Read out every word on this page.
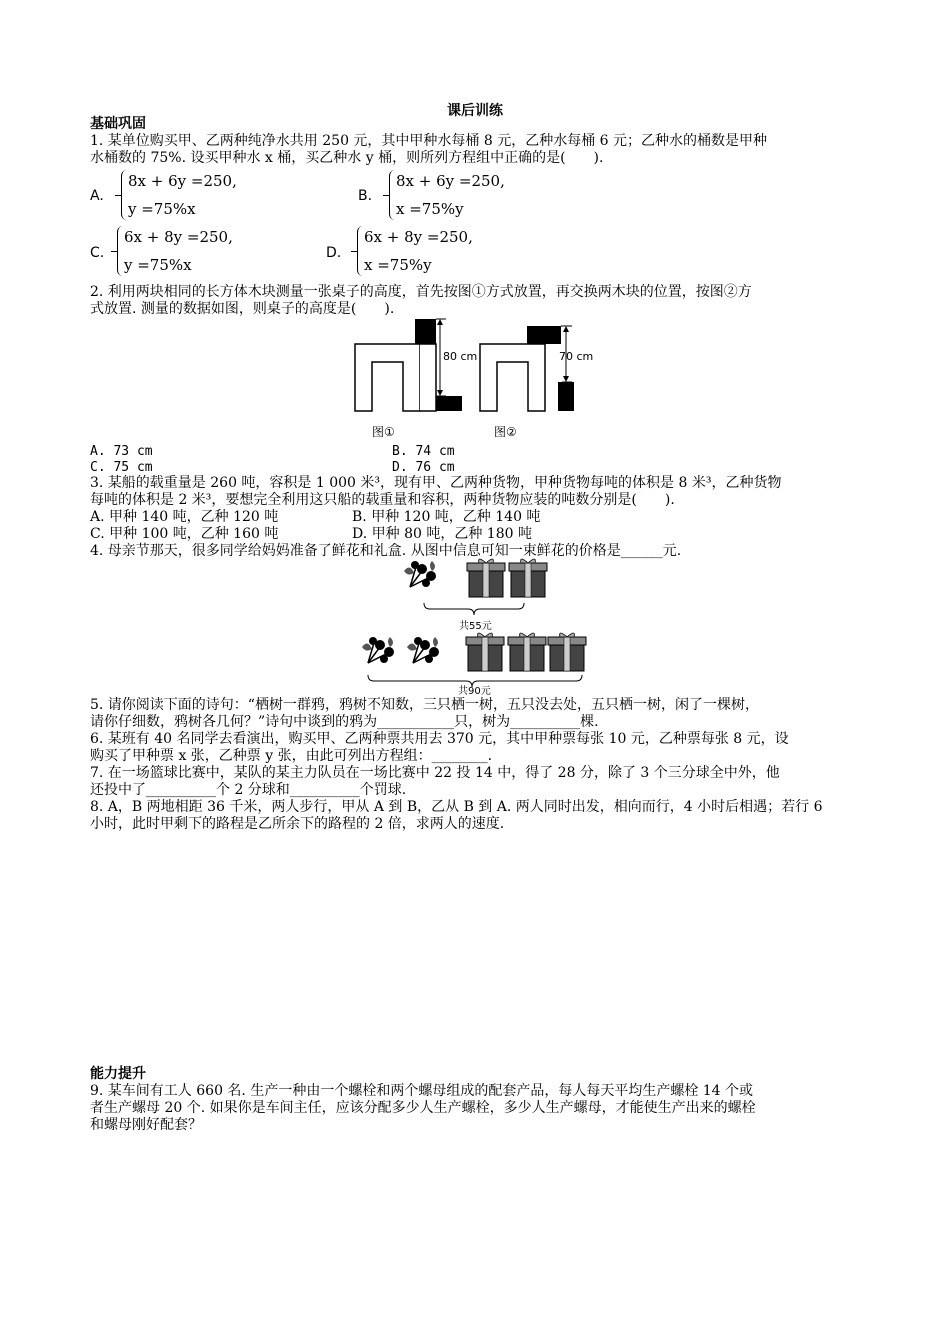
课后训练
基础巩固
1. 某单位购买甲、乙两种纯净水共用 250 元，其中甲种水每桶 8 元，乙种水每桶 6 元；乙种水的桶数是甲种
水桶数的 75%. 设买甲种水 x 桶，买乙种水 y 桶，则所列方程组中正确的是(　　).
A.
8x + 6y =250,
y =75%x
B.
8x + 6y =250,
x =75%y
C.
6x + 8y =250,
y =75%x
D.
6x + 8y =250,
x =75%y
2. 利用两块相同的长方体木块测量一张桌子的高度，首先按图①方式放置，再交换两木块的位置，按图②方
式放置. 测量的数据如图，则桌子的高度是(　　).
80 cm	70 cm
图①	图②
A. 73 cm	B. 74 cm
C. 75 cm	D. 76 cm
3. 某船的载重量是 260 吨，容积是 1 000 米³，现有甲、乙两种货物，甲种货物每吨的体积是 8 米³，乙种货物
每吨的体积是 2 米³，要想完全利用这只船的载重量和容积，两种货物应装的吨数分别是(　　).
A. 甲种 140 吨，乙种 120 吨	B. 甲种 120 吨，乙种 140 吨
C. 甲种 100 吨，乙种 160 吨	D. 甲种 80 吨，乙种 180 吨
4. 母亲节那天，很多同学给妈妈准备了鲜花和礼盒. 从图中信息可知一束鲜花的价格是______元.
共55元
共90元
5. 请你阅读下面的诗句：“栖树一群鸦，鸦树不知数，三只栖一树，五只没去处，五只栖一树，闲了一棵树，
请你仔细数，鸦树各几何？”诗句中谈到的鸦为___________只，树为__________棵.
6. 某班有 40 名同学去看演出，购买甲、乙两种票共用去 370 元，其中甲种票每张 10 元，乙种票每张 8 元，设
购买了甲种票 x 张，乙种票 y 张，由此可列出方程组：________.
7. 在一场篮球比赛中，某队的某主力队员在一场比赛中 22 投 14 中，得了 28 分，除了 3 个三分球全中外，他
还投中了__________个 2 分球和__________个罚球.
8. A，B 两地相距 36 千米，两人步行，甲从 A 到 B，乙从 B 到 A. 两人同时出发，相向而行，4 小时后相遇；若行 6
小时，此时甲剩下的路程是乙所余下的路程的 2 倍，求两人的速度.
能力提升
9. 某车间有工人 660 名. 生产一种由一个螺栓和两个螺母组成的配套产品，每人每天平均生产螺栓 14 个或
者生产螺母 20 个. 如果你是车间主任，应该分配多少人生产螺栓，多少人生产螺母，才能使生产出来的螺栓
和螺母刚好配套？
